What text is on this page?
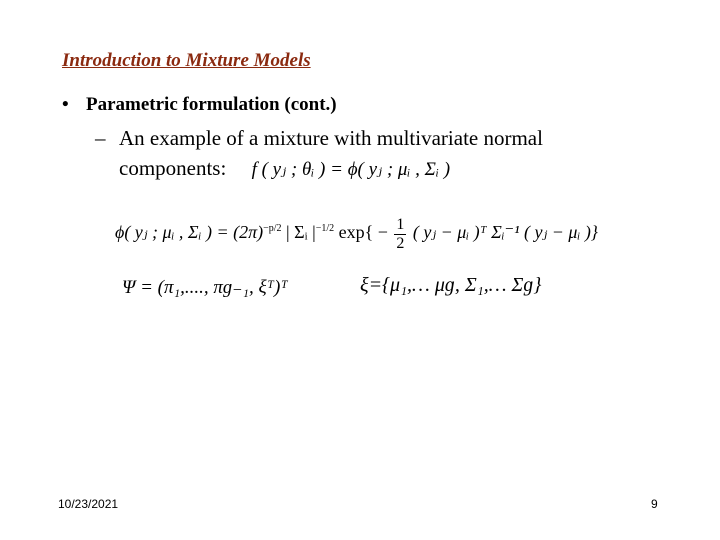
Introduction to Mixture Models
• Parametric formulation (cont.)
– An example of a mixture with multivariate normal
components: f ( yⱼ ; θᵢ ) = ϕ( yⱼ ; μᵢ , Σᵢ )
ϕ( yⱼ ; μᵢ , Σᵢ ) = $(2\pi)^{-p/2}$ | Σᵢ $|^{-1/2}$ $\exp\{ - \frac{1}{2}$ ( yⱼ − μᵢ )ᵀ Σᵢ⁻¹ ( yⱼ − μᵢ )}
Ψ = (π₁,...., πɡ₋₁, ξᵀ)ᵀ	ξ={μ₁,… μɡ, Σ₁,… Σɡ}
10/23/2021	9
